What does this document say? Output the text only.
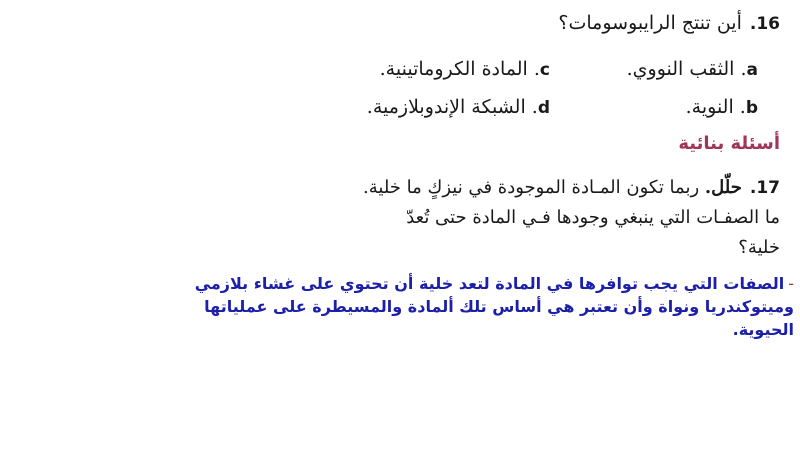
16.أين تنتج الرايبوسومات؟
a. الثقب النووي.
c. المادة الكروماتينية.
b. النوية.
d. الشبكة الإندوبلازمية.
أسئلة بنائية
17.حلّل. ربما تكون المـادة الموجودة في نيزكٍ ما خلية.
ما الصفـات التي ينبغي وجودها فـي المادة حتى تُعدّ
خلية؟
-الصفات التي يجب توافرها في المادة لتعد خلية أن تحتوي على غشاء بلازمي وميتوكندريا ونواة وأن تعتبر هي أساس تلك ألمادة والمسيطرة على عملياتها الحيوية.
